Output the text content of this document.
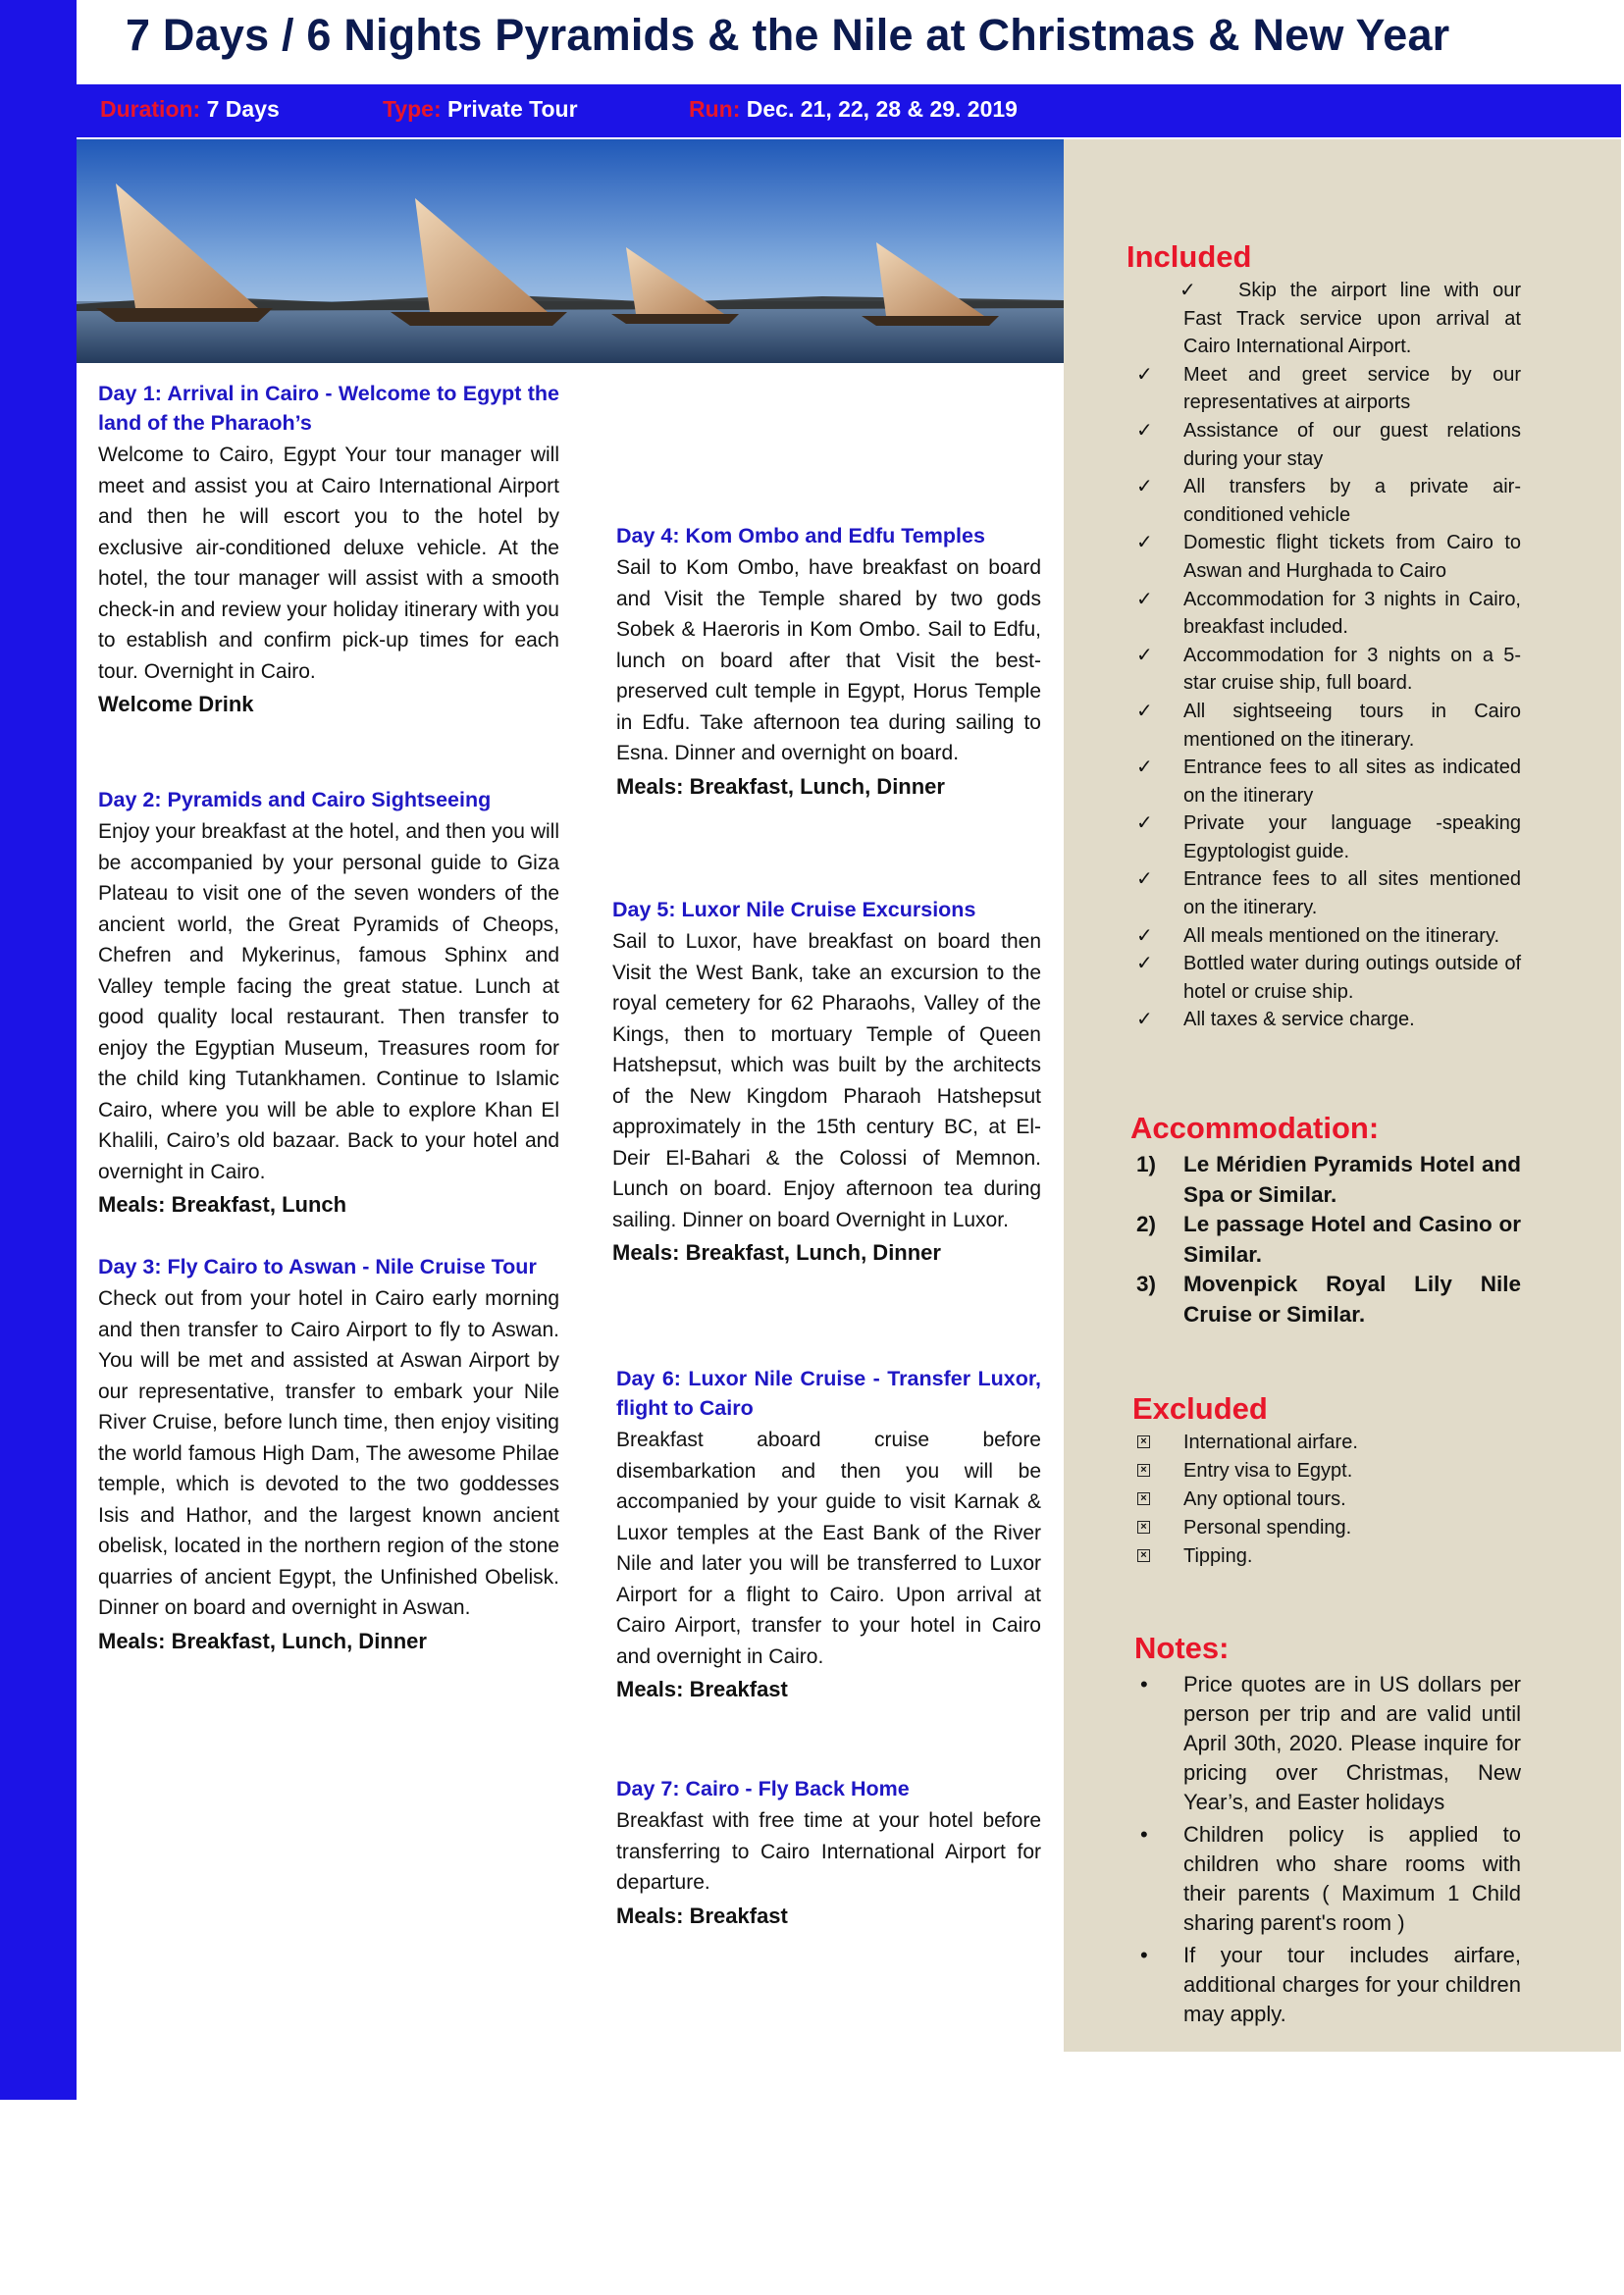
7 Days / 6 Nights Pyramids & the Nile at Christmas & New Year
Duration: 7 Days	Type: Private Tour	Run: Dec. 21, 22, 28 & 29. 2019
Day 1: Arrival in Cairo - Welcome to Egypt the land of the Pharaoh’s

Welcome to Cairo, Egypt Your tour manager will meet and assist you at Cairo International Airport and then he will escort you to the hotel by exclusive air-conditioned deluxe vehicle. At the hotel, the tour manager will assist with a smooth check-in and review your holiday itinerary with you to establish and confirm pick-up times for each tour. Overnight in Cairo.

Welcome Drink

Day 2: Pyramids and Cairo Sightseeing

Enjoy your breakfast at the hotel, and then you will be accompanied by your personal guide to Giza Plateau to visit one of the seven wonders of the ancient world, the Great Pyramids of Cheops, Chefren and Mykerinus, famous Sphinx and Valley temple facing the great statue. Lunch at good quality local restaurant. Then transfer to enjoy the Egyptian Museum, Treasures room for the child king Tutankhamen. Continue to Islamic Cairo, where you will be able to explore Khan El Khalili, Cairo’s old bazaar. Back to your hotel and overnight in Cairo.

Meals: Breakfast, Lunch

Day 3: Fly Cairo to Aswan - Nile Cruise Tour

Check out from your hotel in Cairo early morning and then transfer to Cairo Airport to fly to Aswan. You will be met and assisted at Aswan Airport by our representative, transfer to embark your Nile River Cruise, before lunch time, then enjoy visiting the world famous High Dam, The awesome Philae temple, which is devoted to the two goddesses Isis and Hathor, and the largest known ancient obelisk, located in the northern region of the stone quarries of ancient Egypt, the Unfinished Obelisk. Dinner on board and overnight in Aswan.

Meals: Breakfast, Lunch, Dinner

Day 4: Kom Ombo and Edfu Temples

Sail to Kom Ombo, have breakfast on board and Visit the Temple shared by two gods Sobek & Haeroris in Kom Ombo. Sail to Edfu, lunch on board after that Visit the best-preserved cult temple in Egypt, Horus Temple in Edfu. Take afternoon tea during sailing to Esna. Dinner and overnight on board.

Meals: Breakfast, Lunch, Dinner

Day 5: Luxor Nile Cruise Excursions

Sail to Luxor, have breakfast on board then Visit the West Bank, take an excursion to the royal cemetery for 62 Pharaohs, Valley of the Kings, then to mortuary Temple of Queen Hatshepsut, which was built by the architects of the New Kingdom Pharaoh Hatshepsut approximately in the 15th century BC, at El-Deir El-Bahari & the Colossi of Memnon. Lunch on board. Enjoy afternoon tea during sailing. Dinner on board Overnight in Luxor.

Meals: Breakfast, Lunch, Dinner

Day 6: Luxor Nile Cruise - Transfer Luxor, flight to Cairo

Breakfast aboard cruise before disembarkation and then you will be accompanied by your guide to visit Karnak & Luxor temples at the East Bank of the River Nile and later you will be transferred to Luxor Airport for a flight to Cairo. Upon arrival at Cairo Airport, transfer to your hotel in Cairo and overnight in Cairo.

Meals: Breakfast

Day 7: Cairo - Fly Back Home

Breakfast with free time at your hotel before transferring to Cairo International Airport for departure.

Meals: Breakfast

Included
✓ Skip the airport line with our Fast Track service upon arrival at Cairo International Airport.
✓ Meet and greet service by our representatives at airports
✓ Assistance of our guest relations during your stay
✓ All transfers by a private air-conditioned vehicle
✓ Domestic flight tickets from Cairo to Aswan and Hurghada to Cairo
✓ Accommodation for 3 nights in Cairo, breakfast included.
✓ Accommodation for 3 nights on a 5-star cruise ship, full board.
✓ All sightseeing tours in Cairo mentioned on the itinerary.
✓ Entrance fees to all sites as indicated on the itinerary
✓ Private your language -speaking Egyptologist guide.
✓ Entrance fees to all sites mentioned on the itinerary.
✓ All meals mentioned on the itinerary.
✓ Bottled water during outings outside of hotel or cruise ship.
✓ All taxes & service charge.
Accommodation:
1) Le Méridien Pyramids Hotel and Spa or Similar.
2) Le passage Hotel and Casino or Similar.
3) Movenpick Royal Lily Nile Cruise or Similar.
Excluded
× International airfare.
× Entry visa to Egypt.
× Any optional tours.
× Personal spending.
× Tipping.
Notes:
• Price quotes are in US dollars per person per trip and are valid until April 30th, 2020. Please inquire for pricing over Christmas, New Year’s, and Easter holidays
• Children policy is applied to children who share rooms with their parents ( Maximum 1 Child sharing parent's room )
• If your tour includes airfare, additional charges for your children may apply.
